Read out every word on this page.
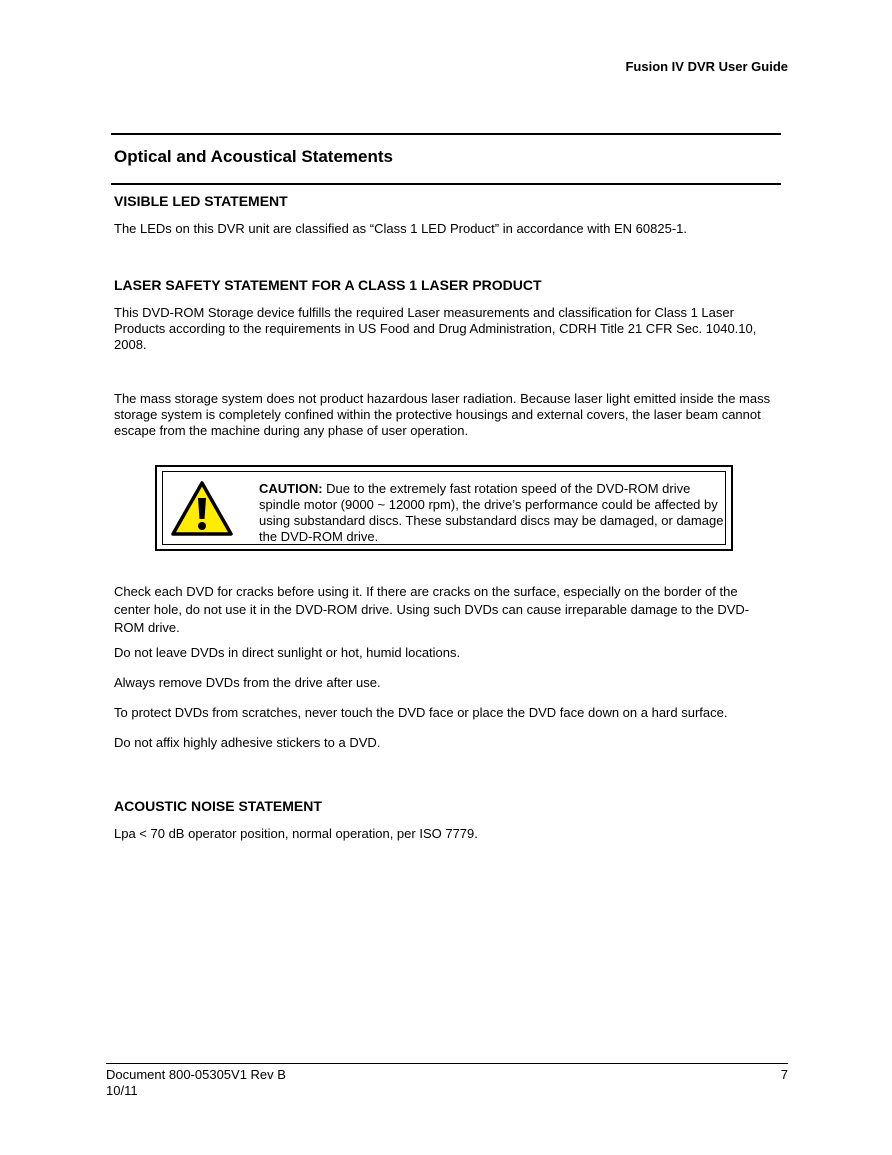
Fusion IV DVR User Guide
Optical and Acoustical Statements
VISIBLE LED STATEMENT

The LEDs on this DVR unit are classified as “Class 1 LED Product” in accordance with EN 60825-1.

LASER SAFETY STATEMENT FOR A CLASS 1 LASER PRODUCT

This DVD-ROM Storage device fulfills the required Laser measurements and classification for Class 1 Laser Products according to the requirements in US Food and Drug Administration, CDRH Title 21 CFR Sec. 1040.10, 2008.

The mass storage system does not product hazardous laser radiation. Because laser light emitted inside the mass storage system is completely confined within the protective housings and external covers, the laser beam cannot escape from the machine during any phase of user operation.

CAUTION: Due to the extremely fast rotation speed of the DVD-ROM drive spindle motor (9000 ~ 12000 rpm), the drive’s performance could be affected by using substandard discs. These substandard discs may be damaged, or damage the DVD-ROM drive.

Check each DVD for cracks before using it. If there are cracks on the surface, especially on the border of the center hole, do not use it in the DVD-ROM drive. Using such DVDs can cause irreparable damage to the DVD-ROM drive.

Do not leave DVDs in direct sunlight or hot, humid locations.

Always remove DVDs from the drive after use.

To protect DVDs from scratches, never touch the DVD face or place the DVD face down on a hard surface.

Do not affix highly adhesive stickers to a DVD.

ACOUSTIC NOISE STATEMENT

Lpa < 70 dB operator position, normal operation, per ISO 7779.

Document 800-05305V1 Rev B
10/11
7
